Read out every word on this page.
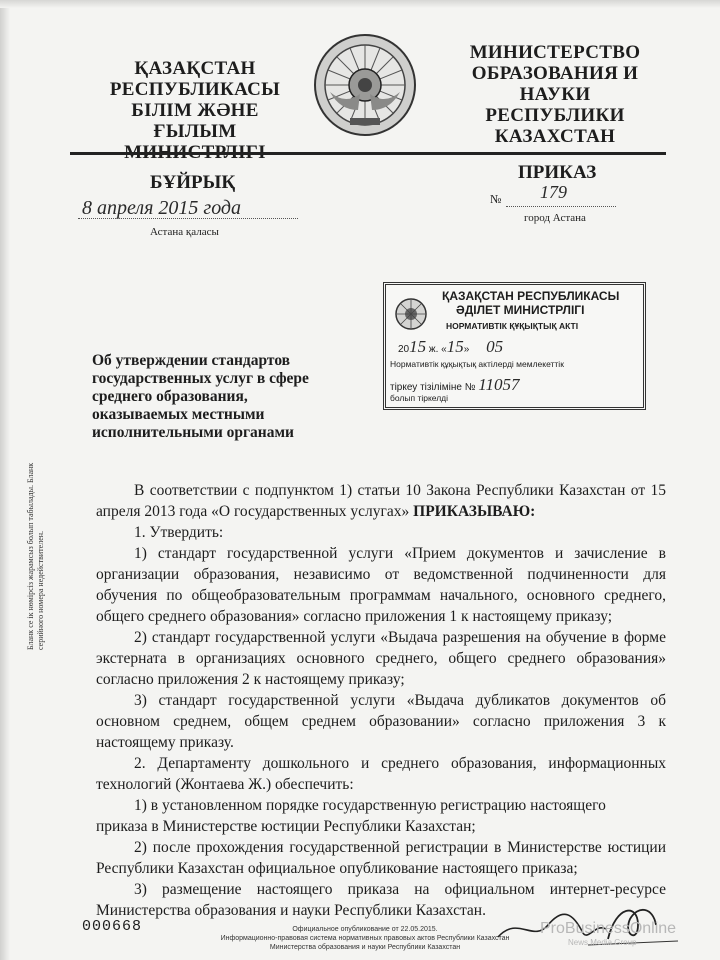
ҚАЗАҚСТАН
РЕСПУБЛИКАСЫ
БІЛІМ ЖӘНЕ ҒЫЛЫМ
МИНИСТРЛІГІ
МИНИСТЕРСТВО
ОБРАЗОВАНИЯ И НАУКИ
РЕСПУБЛИКИ
КАЗАХСТАН
БҰЙРЫҚ
8 апреля 2015 года
Астана қаласы
ПРИКАЗ
№ 179
город Астана
ҚАЗАҚСТАН РЕСПУБЛИКАСЫ
ӘДІЛЕТ МИНИСТРЛІГІ
НОРМАТИВТІК ҚҰҚЫҚТЫҚ АКТІ
2015 ж. «15» 05
Нормативтік құқықтық актілерді мемлекеттік
тіркеу тізіліміне № 11057
болып тіркелді
Об утверждении стандартов
государственных услуг в сфере
среднего образования,
оказываемых местными
исполнительными органами
Бланк се ік нөмірсіз жарамсыз болып табылады. Бланк серийного номера недействителен.

В соответствии с подпунктом 1) статьи 10 Закона Республики Казахстан от 15 апреля 2013 года «О государственных услугах» ПРИКАЗЫВАЮ:

1. Утвердить:

1) стандарт государственной услуги «Прием документов и зачисление в организации образования, независимо от ведомственной подчиненности для обучения по общеобразовательным программам начального, основного среднего, общего среднего образования» согласно приложения 1 к настоящему приказу;

2) стандарт государственной услуги «Выдача разрешения на обучение в форме экстерната в организациях основного среднего, общего среднего образования» согласно приложения 2 к настоящему приказу;

3) стандарт государственной услуги «Выдача дубликатов документов об основном среднем, общем среднем образовании» согласно приложения 3 к настоящему приказу.

2. Департаменту дошкольного и среднего образования, информационных технологий (Жонтаева Ж.) обеспечить:

1) в установленном порядке государственную регистрацию настоящего

приказа в Министерстве юстиции Республики Казахстан;

2) после прохождения государственной регистрации в Министерстве юстиции Республики Казахстан официальное опубликование настоящего приказа;

3) размещение настоящего приказа на официальном интернет-ресурсе Министерства образования и науки Республики Казахстан.

000668	Официальное опубликование от 22.05.2015.
Информационно-правовая система нормативных правовых актов Республики Казахстан
Министерства образования и науки Республики Казахстан
ProBusinessOnline
News Media Group
